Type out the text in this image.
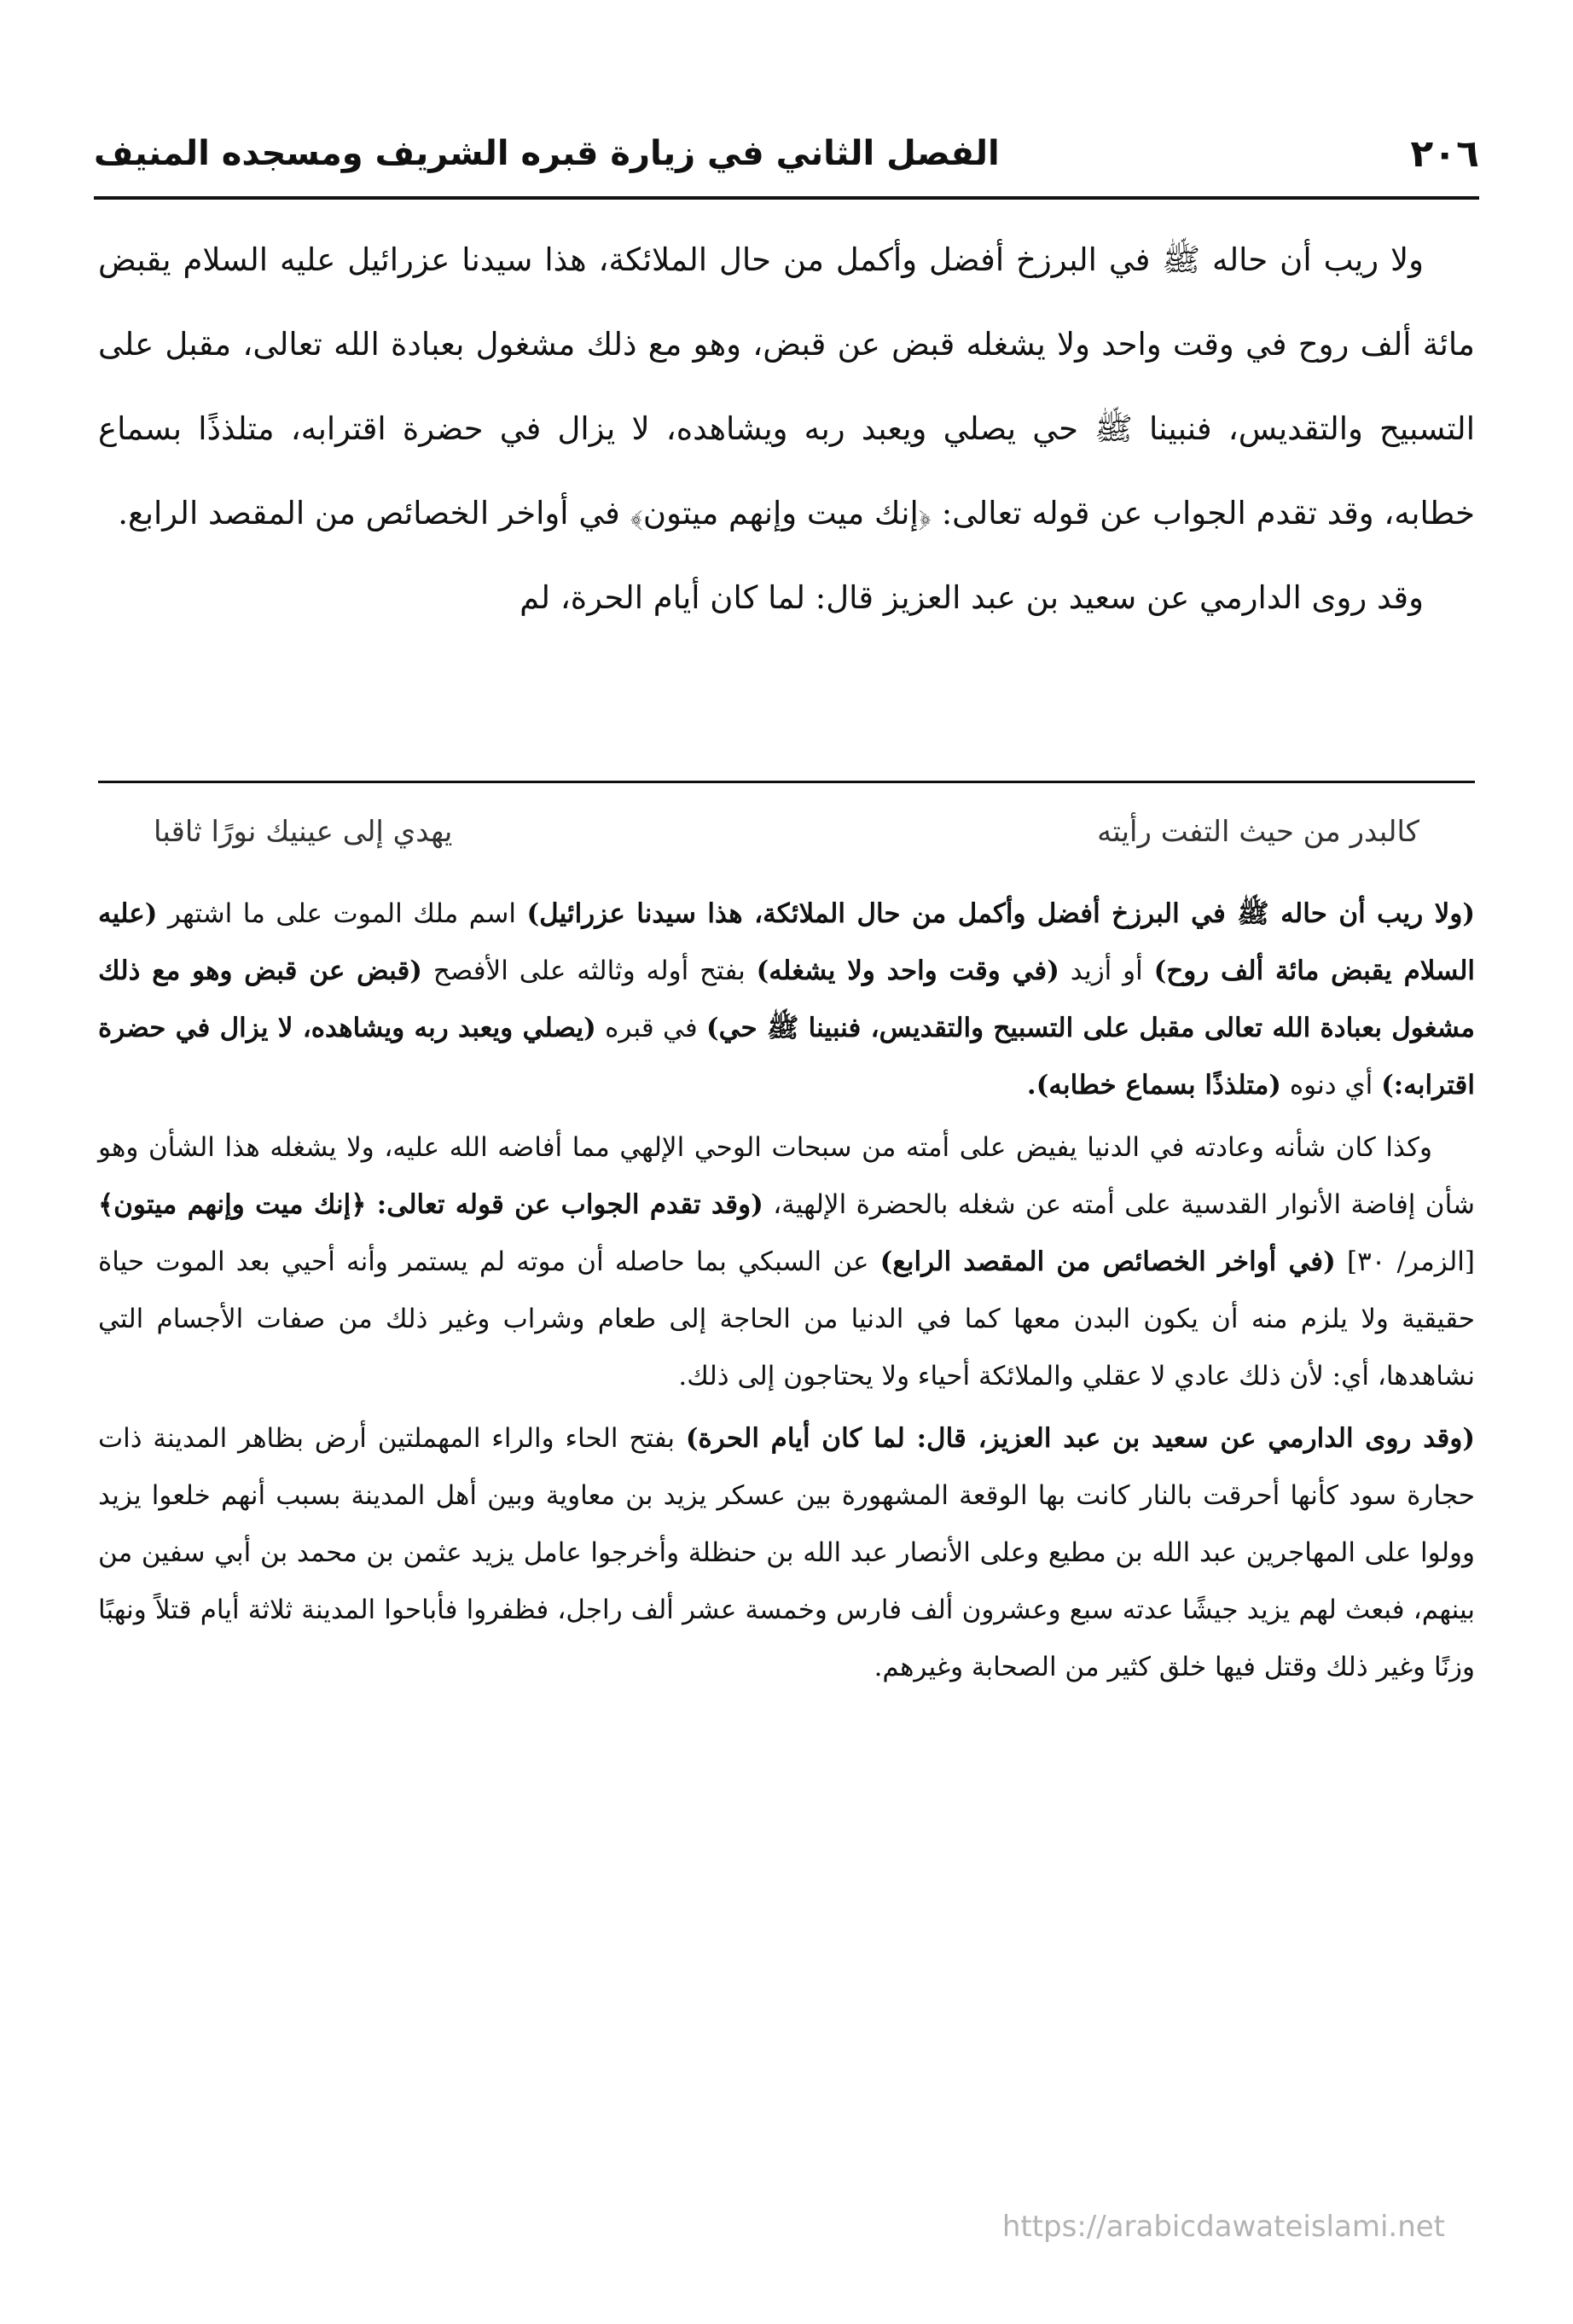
٢٠٦
الفصل الثاني في زيارة قبره الشريف ومسجده المنيف

ولا ريب أن حاله ﷺ في البرزخ أفضل وأكمل من حال الملائكة، هذا سيدنا عزرائيل عليه السلام يقبض مائة ألف روح في وقت واحد ولا يشغله قبض عن قبض، وهو مع ذلك مشغول بعبادة الله تعالى، مقبل على التسبيح والتقديس، فنبينا ﷺ حي يصلي ويعبد ربه ويشاهده، لا يزال في حضرة اقترابه، متلذذًا بسماع خطابه، وقد تقدم الجواب عن قوله تعالى: ﴿إنك ميت وإنهم ميتون﴾ في أواخر الخصائص من المقصد الرابع.

وقد روى الدارمي عن سعيد بن عبد العزيز قال: لما كان أيام الحرة، لم

كالبدر من حيث التفت رأيته
يهدي إلى عينيك نورًا ثاقبا

(ولا ريب أن حاله ﷺ في البرزخ أفضل وأكمل من حال الملائكة، هذا سيدنا عزرائيل) اسم ملك الموت على ما اشتهر (عليه السلام يقبض مائة ألف روح) أو أزيد (في وقت واحد ولا يشغله) بفتح أوله وثالثه على الأفصح (قبض عن قبض وهو مع ذلك مشغول بعبادة الله تعالى مقبل على التسبيح والتقديس، فنبينا ﷺ حي) في قبره (يصلي ويعبد ربه ويشاهده، لا يزال في حضرة اقترابه:) أي دنوه (متلذذًا بسماع خطابه).

وكذا كان شأنه وعادته في الدنيا يفيض على أمته من سبحات الوحي الإلهي مما أفاضه الله عليه، ولا يشغله هذا الشأن وهو شأن إفاضة الأنوار القدسية على أمته عن شغله بالحضرة الإلهية، (وقد تقدم الجواب عن قوله تعالى: ﴿إنك ميت وإنهم ميتون﴾ [الزمر/ ٣٠] (في أواخر الخصائص من المقصد الرابع) عن السبكي بما حاصله أن موته لم يستمر وأنه أحيي بعد الموت حياة حقيقية ولا يلزم منه أن يكون البدن معها كما في الدنيا من الحاجة إلى طعام وشراب وغير ذلك من صفات الأجسام التي نشاهدها، أي: لأن ذلك عادي لا عقلي والملائكة أحياء ولا يحتاجون إلى ذلك.

(وقد روى الدارمي عن سعيد بن عبد العزيز، قال: لما كان أيام الحرة) بفتح الحاء والراء المهملتين أرض بظاهر المدينة ذات حجارة سود كأنها أحرقت بالنار كانت بها الوقعة المشهورة بين عسكر يزيد بن معاوية وبين أهل المدينة بسبب أنهم خلعوا يزيد وولوا على المهاجرين عبد الله بن مطيع وعلى الأنصار عبد الله بن حنظلة وأخرجوا عامل يزيد عثمن بن محمد بن أبي سفين من بينهم، فبعث لهم يزيد جيشًا عدته سبع وعشرون ألف فارس وخمسة عشر ألف راجل، فظفروا فأباحوا المدينة ثلاثة أيام قتلاً ونهبًا وزنًا وغير ذلك وقتل فيها خلق كثير من الصحابة وغيرهم.

https://arabicdawateislami.net
